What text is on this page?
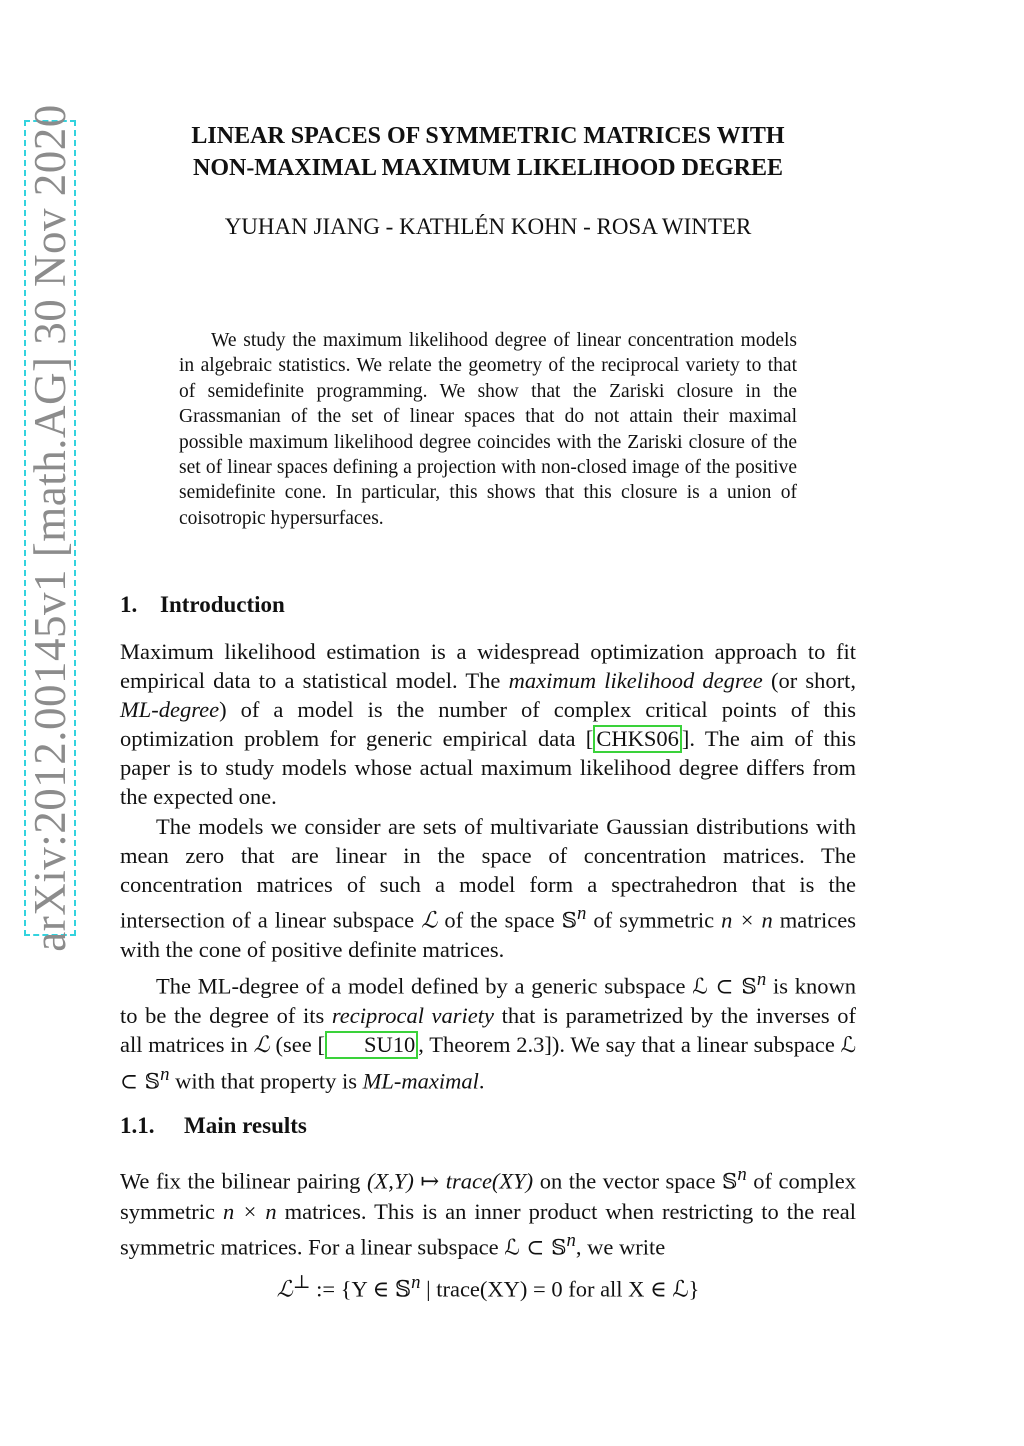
arXiv:2012.00145v1 [math.AG] 30 Nov 2020	LINEAR SPACES OF SYMMETRIC MATRICES WITH
NON-MAXIMAL MAXIMUM LIKELIHOOD DEGREE
YUHAN JIANG - KATHLÉN KOHN - ROSA WINTER
We study the maximum likelihood degree of linear concentration models in algebraic statistics. We relate the geometry of the reciprocal variety to that of semidefinite programming. We show that the Zariski closure in the Grassmanian of the set of linear spaces that do not attain their maximal possible maximum likelihood degree coincides with the Zariski closure of the set of linear spaces defining a projection with non-closed image of the positive semidefinite cone. In particular, this shows that this closure is a union of coisotropic hypersurfaces.
1. Introduction

Maximum likelihood estimation is a widespread optimization approach to fit empirical data to a statistical model. The maximum likelihood degree (or short, ML-degree) of a model is the number of complex critical points of this optimization problem for generic empirical data [ CHKS06 ]. The aim of this paper is to study models whose actual maximum likelihood degree differs from the expected one.

The models we consider are sets of multivariate Gaussian distributions with mean zero that are linear in the space of concentration matrices. The concentration matrices of such a model form a spectrahedron that is the intersection of a linear subspace ℒ of the space 𝕊$^n$ of symmetric n × n matrices with the cone of positive definite matrices.

The ML-degree of a model defined by a generic subspace ℒ ⊂ 𝕊$^n$ is known to be the degree of its reciprocal variety that is parametrized by the inverses of all matrices in ℒ (see [ SU10 , Theorem 2.3]). We say that a linear subspace ℒ ⊂ 𝕊$^n$ with that property is ML-maximal.

1.1. Main results

We fix the bilinear pairing (X,Y) ↦ trace(XY) on the vector space 𝕊$^n$ of complex symmetric n × n matrices. This is an inner product when restricting to the real symmetric matrices. For a linear subspace ℒ ⊂ 𝕊$^n$, we write

ℒ⊥ := {Y ∈ 𝕊$^n$ | trace(XY) = 0 for all X ∈ ℒ}
